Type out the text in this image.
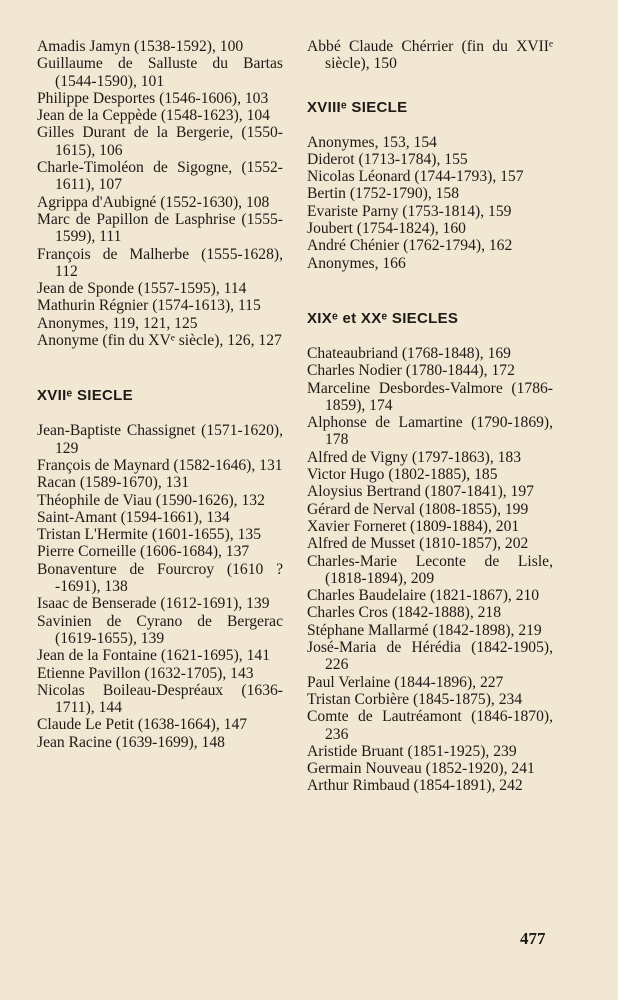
Amadis Jamyn (1538-1592), 100
Guillaume de Salluste du Bartas (1544-1590), 101
Philippe Desportes (1546-1606), 103
Jean de la Ceppède (1548-1623), 104
Gilles Durant de la Bergerie, (1550-1615), 106
Charle-Timoléon de Sigogne, (1552-1611), 107
Agrippa d'Aubigné (1552-1630), 108
Marc de Papillon de Lasphrise (1555-1599), 111
François de Malherbe (1555-1628), 112
Jean de Sponde (1557-1595), 114
Mathurin Régnier (1574-1613), 115
Anonymes, 119, 121, 125
Anonyme (fin du XVᵉ siècle), 126, 127
XVIIᵉ SIECLE
Jean-Baptiste Chassignet (1571-1620), 129
François de Maynard (1582-1646), 131
Racan (1589-1670), 131
Théophile de Viau (1590-1626), 132
Saint-Amant (1594-1661), 134
Tristan L'Hermite (1601-1655), 135
Pierre Corneille (1606-1684), 137
Bonaventure de Fourcroy (1610 ?-1691), 138
Isaac de Benserade (1612-1691), 139
Savinien de Cyrano de Bergerac (1619-1655), 139
Jean de la Fontaine (1621-1695), 141
Etienne Pavillon (1632-1705), 143
Nicolas Boileau-Despréaux (1636-1711), 144
Claude Le Petit (1638-1664), 147
Jean Racine (1639-1699), 148
Abbé Claude Chérrier (fin du XVIIᵉ siècle), 150
XVIIIᵉ SIECLE
Anonymes, 153, 154
Diderot (1713-1784), 155
Nicolas Léonard (1744-1793), 157
Bertin (1752-1790), 158
Evariste Parny (1753-1814), 159
Joubert (1754-1824), 160
André Chénier (1762-1794), 162
Anonymes, 166
XIXᵉ et XXᵉ SIECLES
Chateaubriand (1768-1848), 169
Charles Nodier (1780-1844), 172
Marceline Desbordes-Valmore (1786-1859), 174
Alphonse de Lamartine (1790-1869), 178
Alfred de Vigny (1797-1863), 183
Victor Hugo (1802-1885), 185
Aloysius Bertrand (1807-1841), 197
Gérard de Nerval (1808-1855), 199
Xavier Forneret (1809-1884), 201
Alfred de Musset (1810-1857), 202
Charles-Marie Leconte de Lisle, (1818-1894), 209
Charles Baudelaire (1821-1867), 210
Charles Cros (1842-1888), 218
Stéphane Mallarmé (1842-1898), 219
José-Maria de Hérédia (1842-1905), 226
Paul Verlaine (1844-1896), 227
Tristan Corbière (1845-1875), 234
Comte de Lautréamont (1846-1870), 236
Aristide Bruant (1851-1925), 239
Germain Nouveau (1852-1920), 241
Arthur Rimbaud (1854-1891), 242
477
